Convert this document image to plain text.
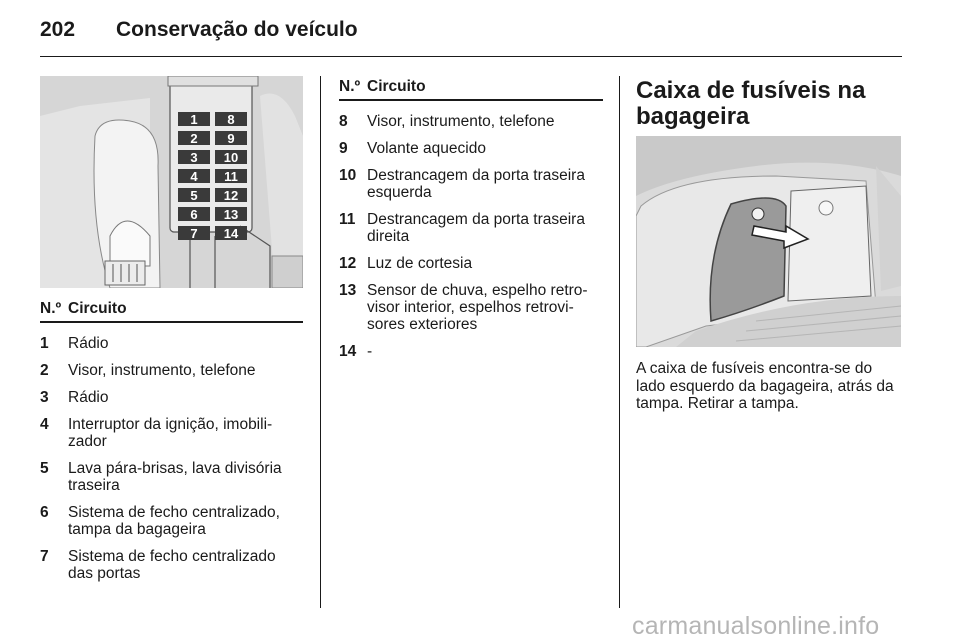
202 Conservação do veículo
1 8
2 9
3 10
4 11
5 12
6 13
7 14
N.º Circuito
1	Rádio
2	Visor, instrumento, telefone
3	Rádio
4	Interruptor da ignição, imobili-
zador
5	Lava pára-brisas, lava divisória
traseira
6	Sistema de fecho centralizado,
tampa da bagageira
7	Sistema de fecho centralizado
das portas
N.º Circuito
8	Visor, instrumento, telefone
9	Volante aquecido
10 Destrancagem da porta traseira
esquerda
11 Destrancagem da porta traseira
direita
12 Luz de cortesia
13 Sensor de chuva, espelho retro-
visor interior, espelhos retrovi-
sores exteriores
14 -
Caixa de fusíveis na
bagageira
A caixa de fusíveis encontra-se do
lado esquerdo da bagageira, atrás da
tampa. Retirar a tampa.
carmanualsonline.info
